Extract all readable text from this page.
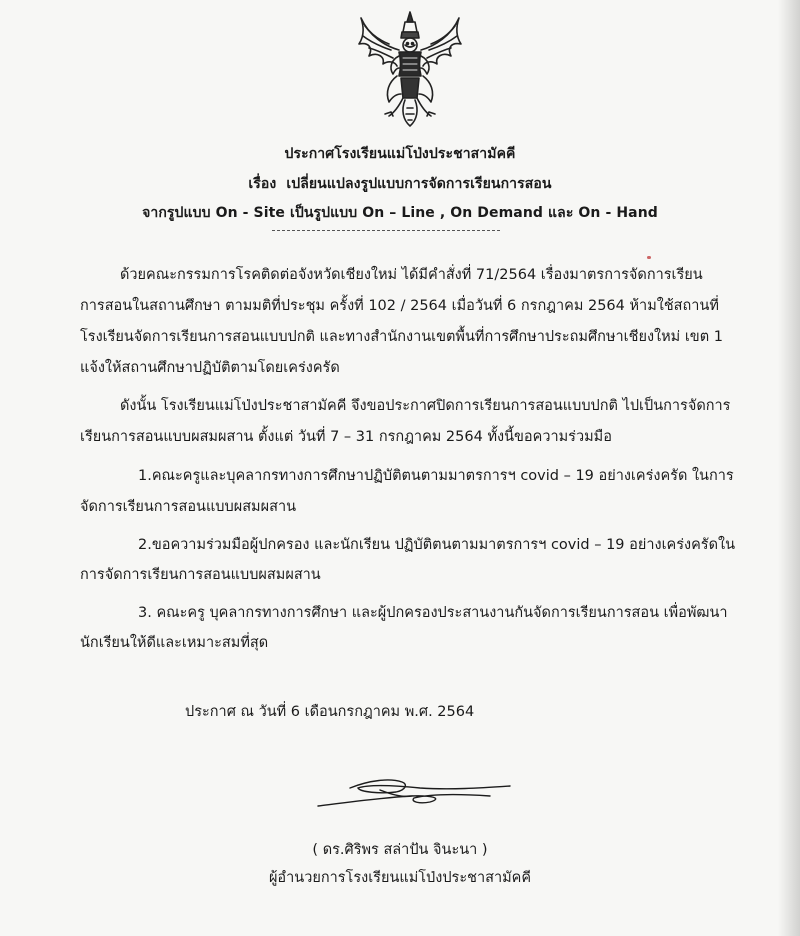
ประกาศโรงเรียนแม่โป่งประชาสามัคคี
เรื่อง เปลี่ยนแปลงรูปแบบการจัดการเรียนการสอน
จากรูปแบบ On - Site เป็นรูปแบบ On – Line , On Demand และ On - Hand
ด้วยคณะกรรมการโรคติดต่อจังหวัดเชียงใหม่ ได้มีคำสั่งที่ 71/2564 เรื่องมาตรการจัดการเรียน
การสอนในสถานศึกษา ตามมติที่ประชุม ครั้งที่ 102 / 2564 เมื่อวันที่ 6 กรกฎาคม 2564 ห้ามใช้สถานที่
โรงเรียนจัดการเรียนการสอนแบบปกติ และทางสำนักงานเขตพื้นที่การศึกษาประถมศึกษาเชียงใหม่ เขต 1
แจ้งให้สถานศึกษาปฏิบัติตามโดยเคร่งครัด
ดังนั้น โรงเรียนแม่โป่งประชาสามัคคี จึงขอประกาศปิดการเรียนการสอนแบบปกติ ไปเป็นการจัดการ
เรียนการสอนแบบผสมผสาน ตั้งแต่ วันที่ 7 – 31 กรกฎาคม 2564 ทั้งนี้ขอความร่วมมือ
1.คณะครูและบุคลากรทางการศึกษาปฏิบัติตนตามมาตรการฯ covid – 19 อย่างเคร่งครัด ในการ
จัดการเรียนการสอนแบบผสมผสาน
2.ขอความร่วมมือผู้ปกครอง และนักเรียน ปฏิบัติตนตามมาตรการฯ covid – 19 อย่างเคร่งครัดใน
การจัดการเรียนการสอนแบบผสมผสาน
3. คณะครู บุคลากรทางการศึกษา และผู้ปกครองประสานงานกันจัดการเรียนการสอน เพื่อพัฒนา
นักเรียนให้ดีและเหมาะสมที่สุด
ประกาศ ณ วันที่ 6 เดือนกรกฎาคม พ.ศ. 2564
( ดร.ศิริพร สล่าปัน จินะนา )
ผู้อำนวยการโรงเรียนแม่โป่งประชาสามัคคี
